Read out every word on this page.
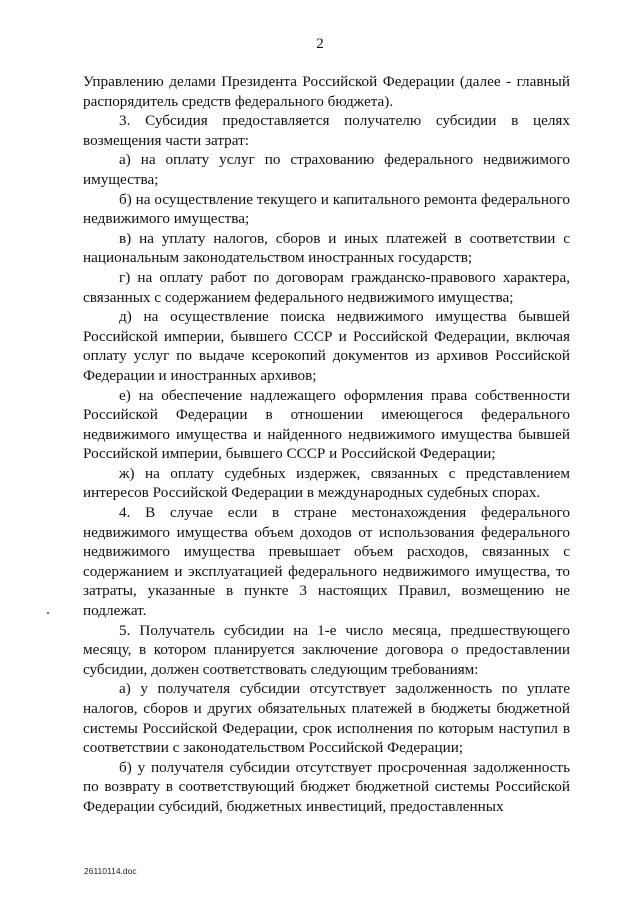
2

Управлению делами Президента Российской Федерации (далее - главный распорядитель средств федерального бюджета).

3. Субсидия предоставляется получателю субсидии в целях возмещения части затрат:

а) на оплату услуг по страхованию федерального недвижимого имущества;

б) на осуществление текущего и капитального ремонта федерального недвижимого имущества;

в) на уплату налогов, сборов и иных платежей в соответствии с национальным законодательством иностранных государств;

г) на оплату работ по договорам гражданско-правового характера, связанных с содержанием федерального недвижимого имущества;

д) на осуществление поиска недвижимого имущества бывшей Российской империи, бывшего СССР и Российской Федерации, включая оплату услуг по выдаче ксерокопий документов из архивов Российской Федерации и иностранных архивов;

е) на обеспечение надлежащего оформления права собственности Российской Федерации в отношении имеющегося федерального недвижимого имущества и найденного недвижимого имущества бывшей Российской империи, бывшего СССР и Российской Федерации;

ж) на оплату судебных издержек, связанных с представлением интересов Российской Федерации в международных судебных спорах.

4. В случае если в стране местонахождения федерального недвижимого имущества объем доходов от использования федерального недвижимого имущества превышает объем расходов, связанных с содержанием и эксплуатацией федерального недвижимого имущества, то затраты, указанные в пункте 3 настоящих Правил, возмещению не подлежат.

5. Получатель субсидии на 1-е число месяца, предшествующего месяцу, в котором планируется заключение договора о предоставлении субсидии, должен соответствовать следующим требованиям:

а) у получателя субсидии отсутствует задолженность по уплате налогов, сборов и других обязательных платежей в бюджеты бюджетной системы Российской Федерации, срок исполнения по которым наступил в соответствии с законодательством Российской Федерации;

б) у получателя субсидии отсутствует просроченная задолженность по возврату в соответствующий бюджет бюджетной системы Российской Федерации субсидий, бюджетных инвестиций, предоставленных

26110114.doc
